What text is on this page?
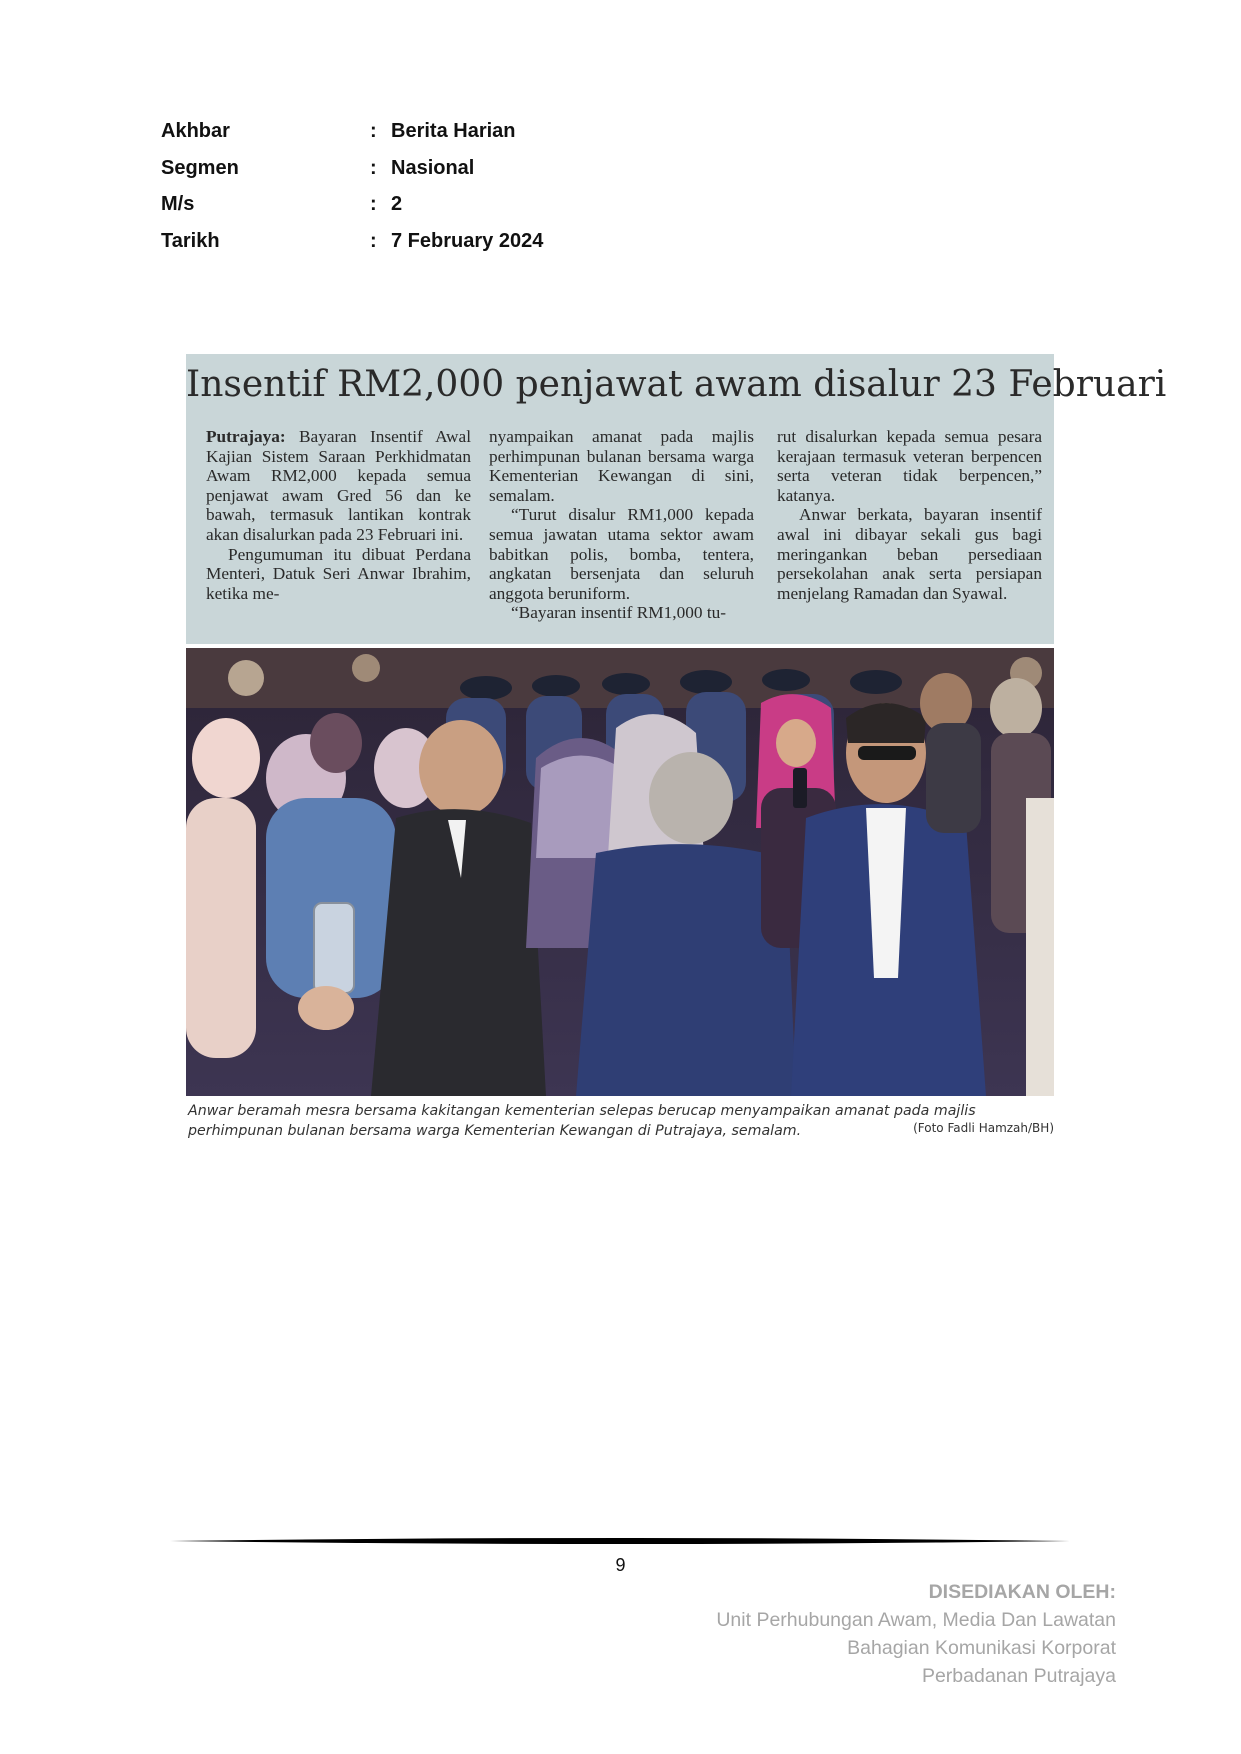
Akhbar	: Berita Harian
Segmen	: Nasional
M/s	: 2
Tarikh	: 7 February 2024
Insentif RM2,000 penjawat awam disalur 23 Februari

Putrajaya: Bayaran Insentif Awal Kajian Sistem Saraan Perkhidmatan Awam RM2,000 kepada semua penjawat awam Gred 56 dan ke bawah, termasuk lantikan kontrak akan disalurkan pada 23 Februari ini.

Pengumuman itu dibuat Perdana Menteri, Datuk Seri Anwar Ibrahim, ketika me-

nyampaikan amanat pada majlis perhimpunan bulanan bersama warga Kementerian Kewangan di sini, semalam.

“Turut disalur RM1,000 kepada semua jawatan utama sektor awam babitkan polis, bomba, tentera, angkatan bersenjata dan seluruh anggota beruniform.

“Bayaran insentif RM1,000 tu-

rut disalurkan kepada semua pesara kerajaan termasuk veteran berpencen serta veteran tidak berpencen,” katanya.

Anwar berkata, bayaran insentif awal ini dibayar sekali gus bagi meringankan beban persediaan persekolahan anak serta persiapan menjelang Ramadan dan Syawal.

Anwar beramah mesra bersama kakitangan kementerian selepas berucap menyampaikan amanat pada majlis perhimpunan bulanan bersama warga Kementerian Kewangan di Putrajaya, semalam.	(Foto Fadli Hamzah/BH)
9
DISEDIAKAN OLEH:
Unit Perhubungan Awam, Media Dan Lawatan
Bahagian Komunikasi Korporat
Perbadanan Putrajaya
